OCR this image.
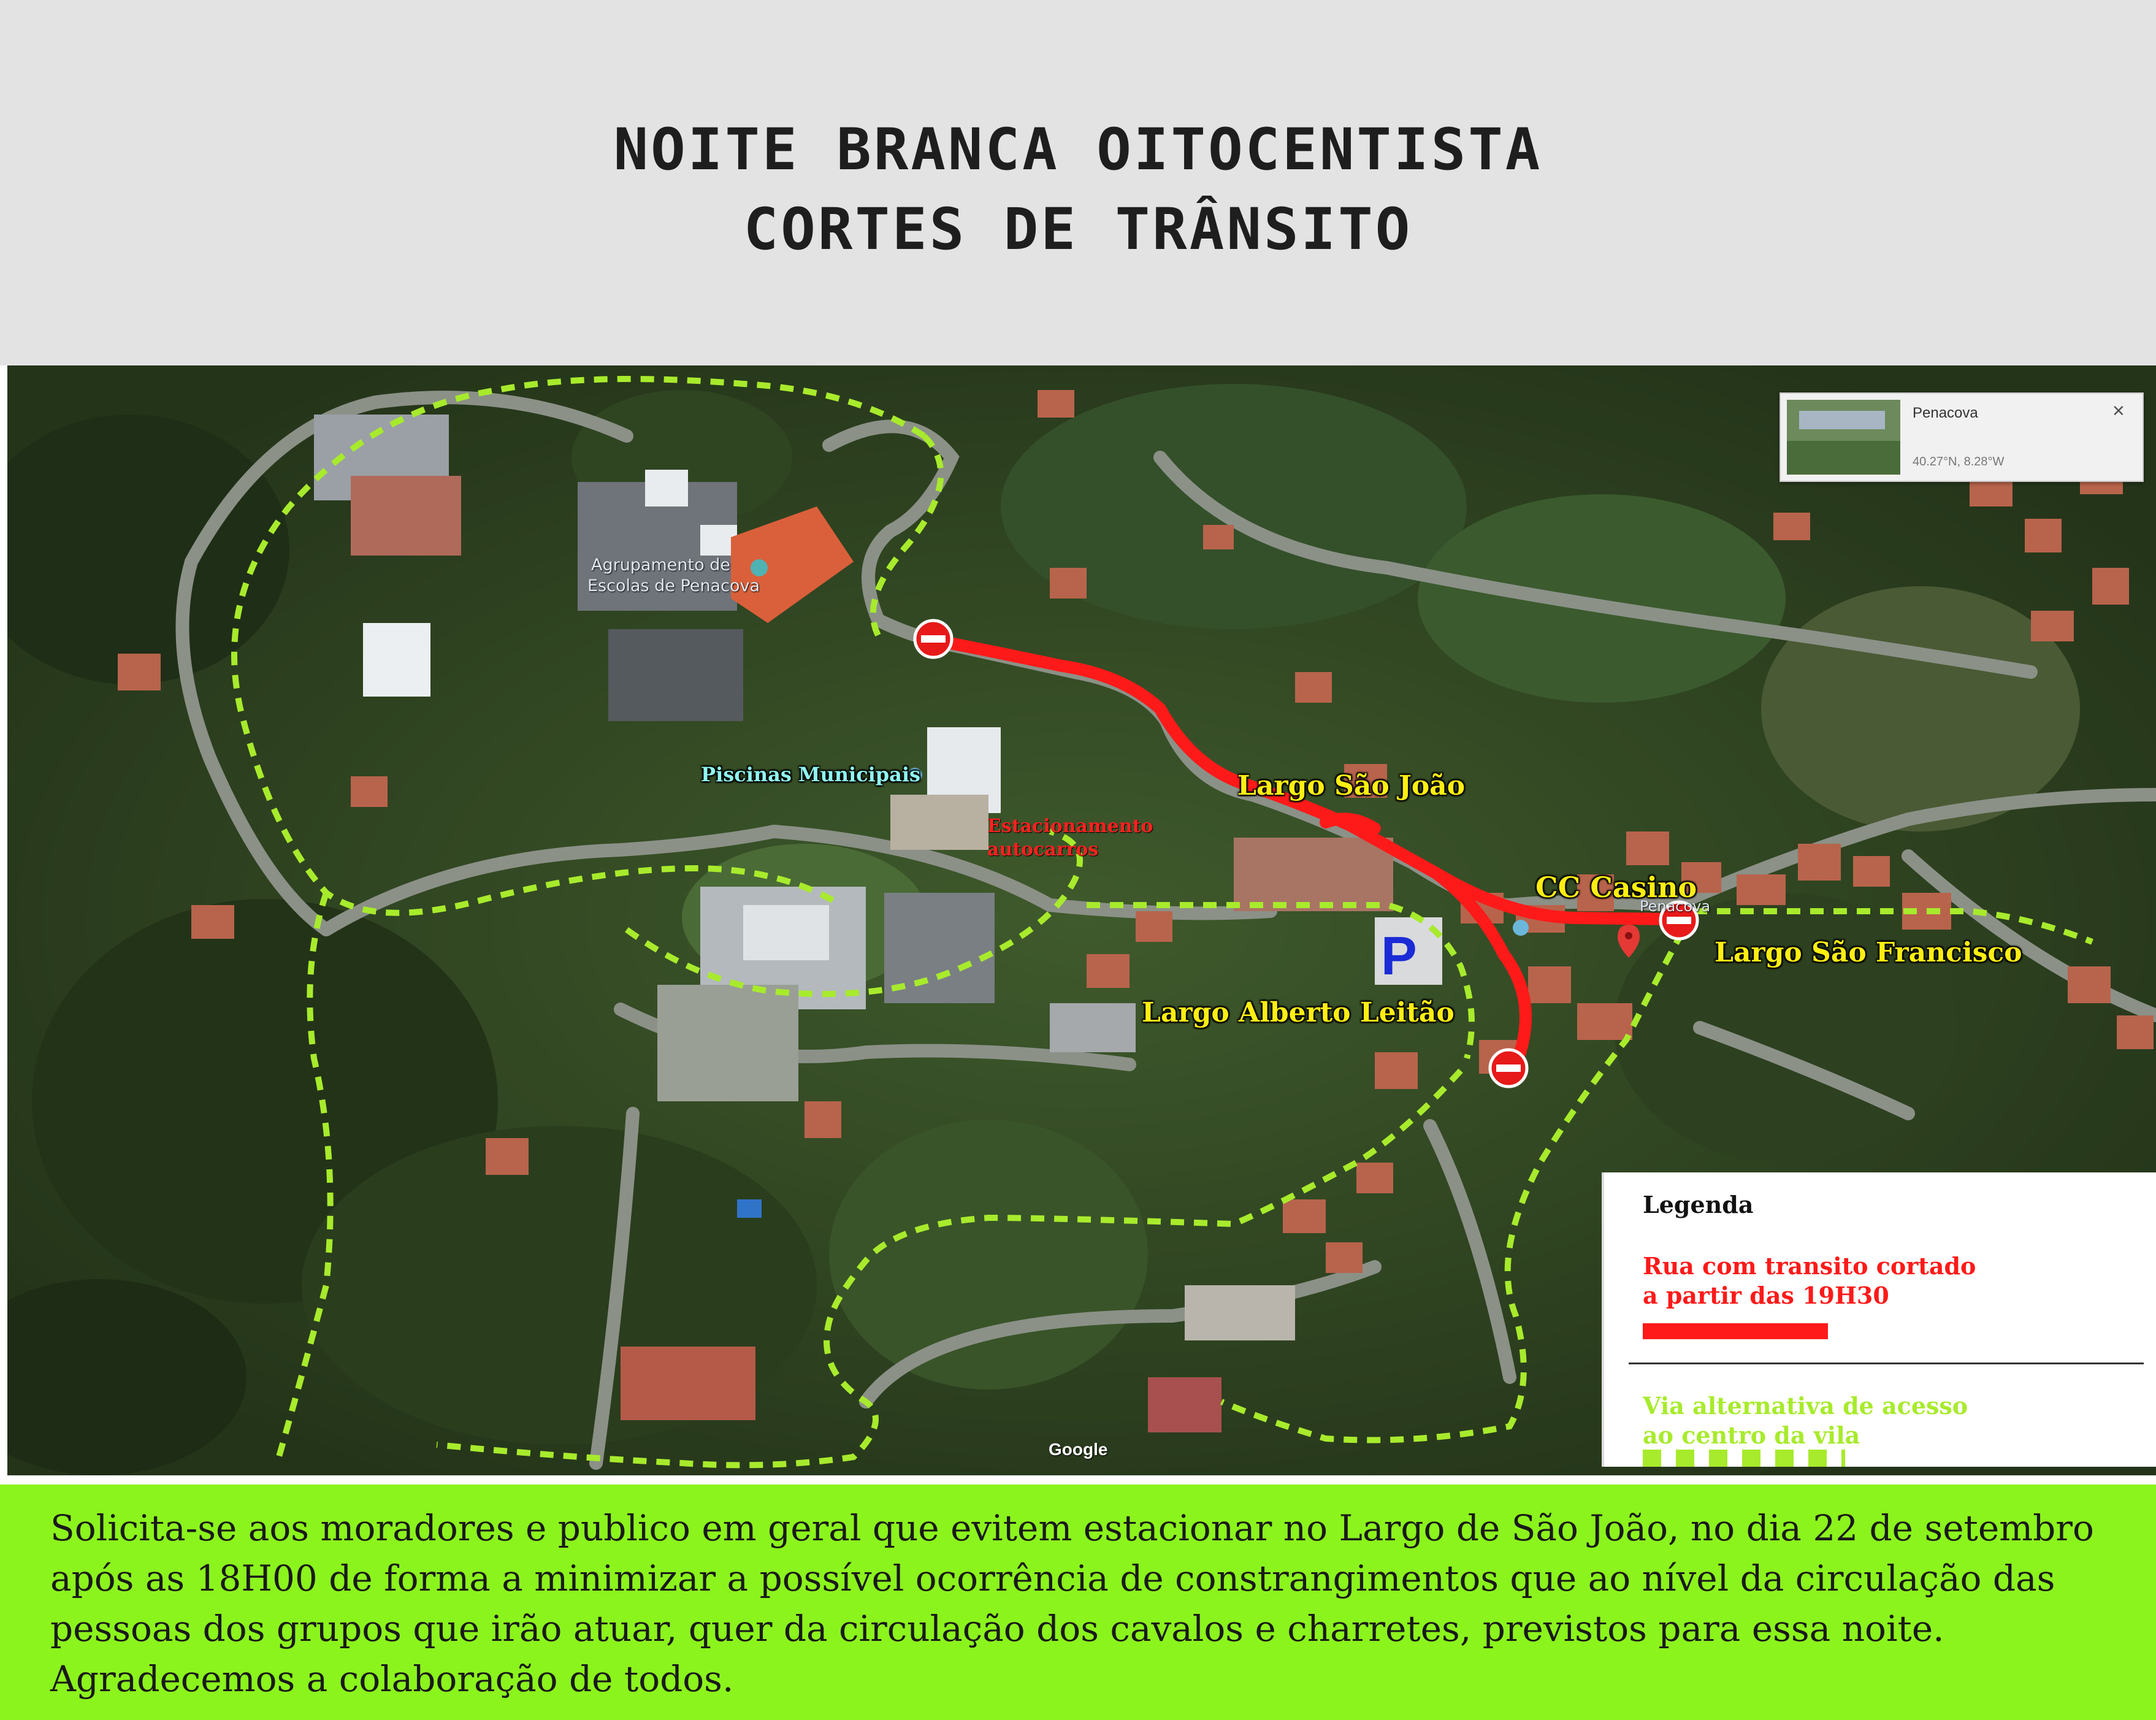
NOITE BRANCA OITOCENTISTA
CORTES DE TRÂNSITO
Penacova
40.27°N, 8.28°W
✕
Agrupamento de
Escolas de Penacova
Penacova
Piscinas Municipais
Estacionamento
autocarros
Largo São João
CC Casino
Largo São Francisco
Largo Alberto Leitão
P
Google
Legenda
Rua com transito cortado
a partir das 19H30
Via alternativa de acesso
ao centro da vila
Solicita-se aos moradores e publico em geral que evitem estacionar no Largo de São João, no dia 22 de setembro
após as 18H00 de forma a minimizar a possível ocorrência de constrangimentos que ao nível da circulação das
pessoas dos grupos que irão atuar, quer da circulação dos cavalos e charretes, previstos para essa noite.
Agradecemos a colaboração de todos.
